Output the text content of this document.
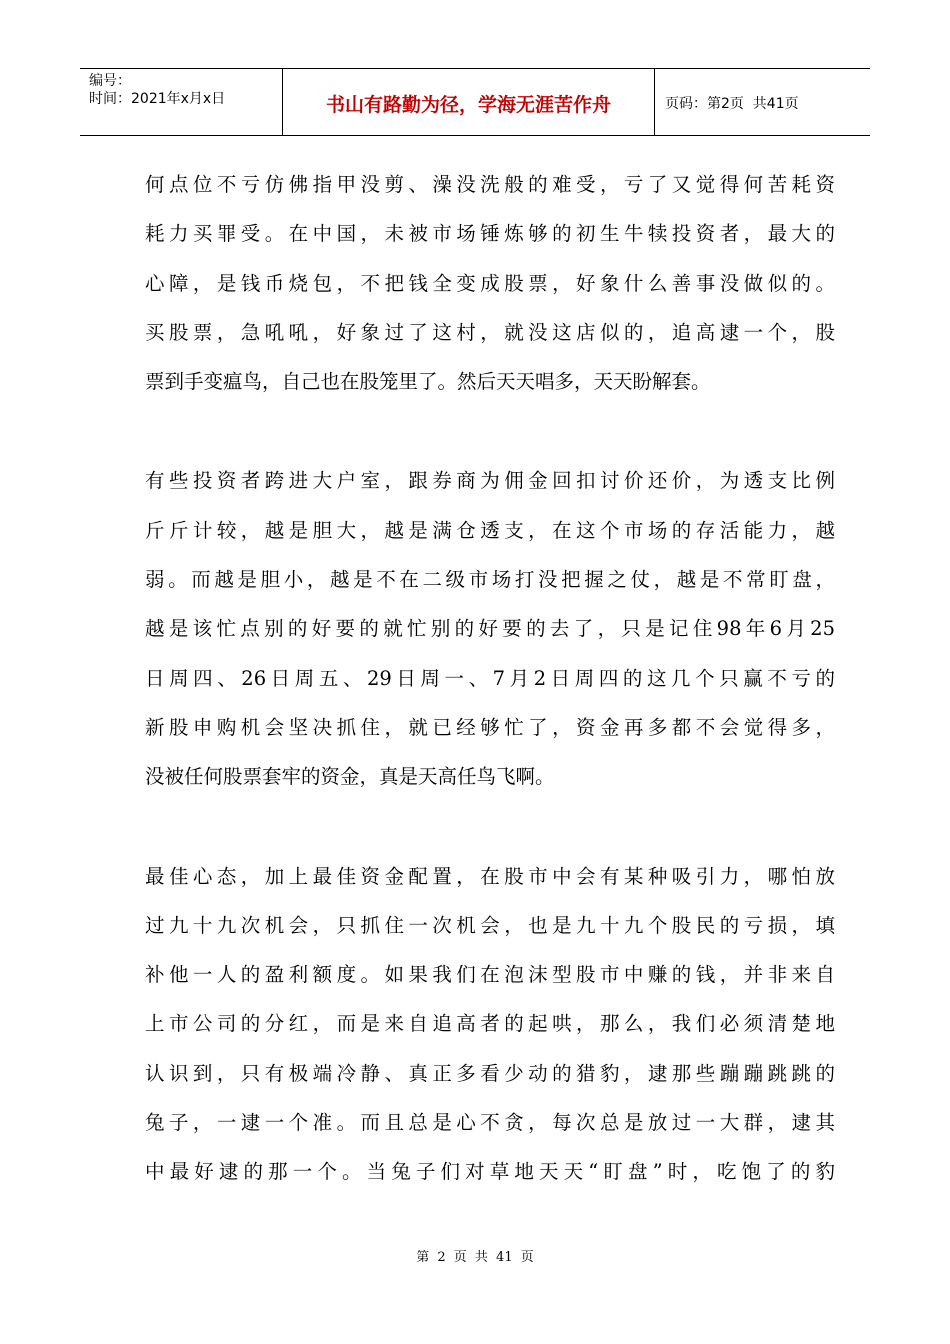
编号：
时间：2021年x月x日	书山有路勤为径，学海无涯苦作舟	页码：第2页  共41页
何点位不亏仿佛指甲没剪、澡没洗般的难受，亏了又觉得何苦耗资
耗力买罪受。在中国，未被市场锤炼够的初生牛犊投资者，最大的
心障，是钱币烧包，不把钱全变成股票，好象什么善事没做似的。
买股票，急吼吼，好象过了这村，就没这店似的，追高逮一个，股
票到手变瘟鸟，自己也在股笼里了。然后天天唱多，天天盼解套。
有些投资者跨进大户室，跟券商为佣金回扣讨价还价，为透支比例
斤斤计较，越是胆大，越是满仓透支，在这个市场的存活能力，越
弱。而越是胆小，越是不在二级市场打没把握之仗，越是不常盯盘，
越是该忙点别的好要的就忙别的好要的去了，只是记住98年6月25
日周四、26日周五、29日周一、7月2日周四的这几个只赢不亏的
新股申购机会坚决抓住，就已经够忙了，资金再多都不会觉得多，
没被任何股票套牢的资金，真是天高任鸟飞啊。
最佳心态，加上最佳资金配置，在股市中会有某种吸引力，哪怕放
过九十九次机会，只抓住一次机会，也是九十九个股民的亏损，填
补他一人的盈利额度。如果我们在泡沫型股市中赚的钱，并非来自
上市公司的分红，而是来自追高者的起哄，那么，我们必须清楚地
认识到，只有极端冷静、真正多看少动的猎豹，逮那些蹦蹦跳跳的
兔子，一逮一个准。而且总是心不贪，每次总是放过一大群，逮其
中最好逮的那一个。当兔子们对草地天天“盯盘”时，吃饱了的豹
第 2 页 共 41 页
